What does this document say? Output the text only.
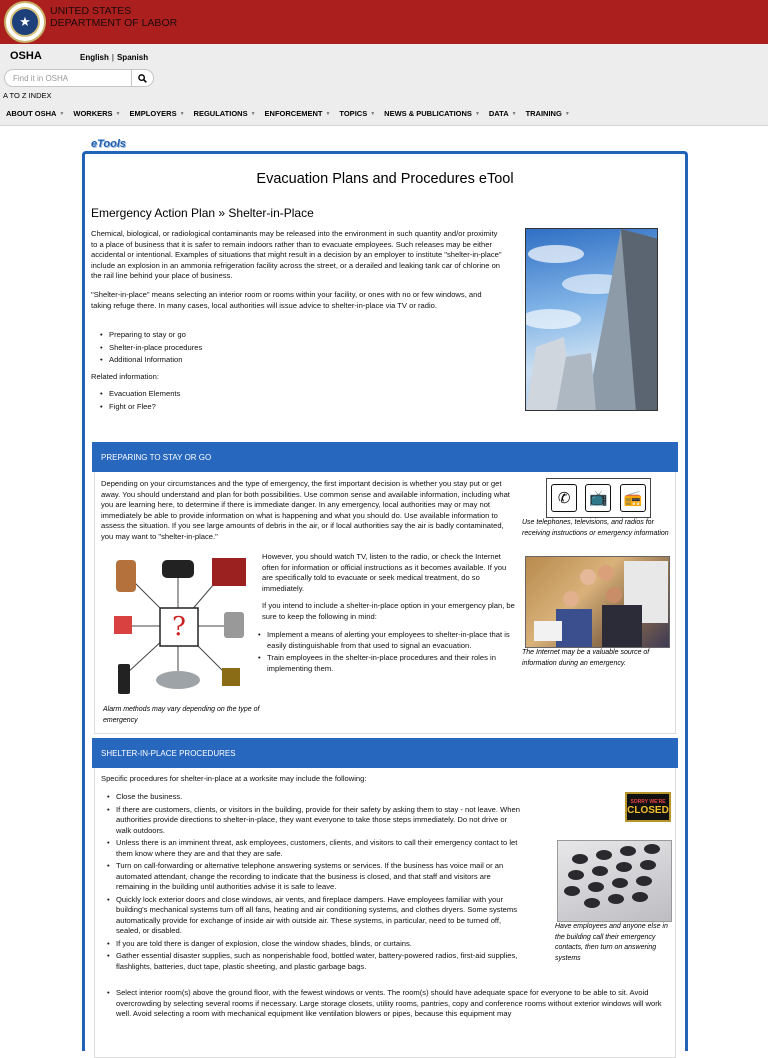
★
UNITED STATES
DEPARTMENT OF LABOR
OSHA	English | Spanish
Find it in OSHA
A TO Z INDEX
ABOUT OSHA ▼ WORKERS ▼ EMPLOYERS ▼ REGULATIONS ▼ ENFORCEMENT ▼ TOPICS ▼ NEWS & PUBLICATIONS ▼ DATA ▼ TRAINING ▼
eTools
Evacuation Plans and Procedures eTool
Emergency Action Plan » Shelter-in-Place
Chemical, biological, or radiological contaminants may be released into the environment in such quantity and/or proximity to a place of business that it is safer to remain indoors rather than to evacuate employees. Such releases may be either accidental or intentional. Examples of situations that might result in a decision by an employer to institute "shelter-in-place" include an explosion in an ammonia refrigeration facility across the street, or a derailed and leaking tank car of chlorine on the rail line behind your place of business.
"Shelter-in-place" means selecting an interior room or rooms within your facility, or ones with no or few windows, and taking refuge there. In many cases, local authorities will issue advice to shelter-in-place via TV or radio.
• Preparing to stay or go
• Shelter-in-place procedures
• Additional Information
Related information:
• Evacuation Elements
• Fight or Flee?
PREPARING TO STAY OR GO
Depending on your circumstances and the type of emergency, the first important decision is whether you stay put or get away. You should understand and plan for both possibilities. Use common sense and available information, including what you are learning here, to determine if there is immediate danger. In any emergency, local authorities may or may not immediately be able to provide information on what is happening and what you should do. Use available information to assess the situation. If you see large amounts of debris in the air, or if local authorities say the air is badly contaminated, you may want to "shelter-in-place."
✆	📺 📻
Use telephones, televisions, and radios for receiving instructions or emergency information
?
Alarm methods may vary depending on the type of emergency
However, you should watch TV, listen to the radio, or check the Internet often for information or official instructions as it becomes available. If you are specifically told to evacuate or seek medical treatment, do so immediately.
If you intend to include a shelter-in-place option in your emergency plan, be sure to keep the following in mind:
• Implement a means of alerting your employees to shelter-in-place that is easily distinguishable from that used to signal an evacuation.
• Train employees in the shelter-in-place procedures and their roles in implementing them.
The Internet may be a valuable source of information during an emergency.
SHELTER-IN-PLACE PROCEDURES
Specific procedures for shelter-in-place at a worksite may include the following:
• Close the business.
• If there are customers, clients, or visitors in the building, provide for their safety by asking them to stay - not leave. When authorities provide directions to shelter-in-place, they want everyone to take those steps immediately. Do not drive or walk outdoors.
• Unless there is an imminent threat, ask employees, customers, clients, and visitors to call their emergency contact to let them know where they are and that they are safe.
• Turn on call-forwarding or alternative telephone answering systems or services. If the business has voice mail or an automated attendant, change the recording to indicate that the business is closed, and that staff and visitors are remaining in the building until authorities advise it is safe to leave.
• Quickly lock exterior doors and close windows, air vents, and fireplace dampers. Have employees familiar with your building's mechanical systems turn off all fans, heating and air conditioning systems, and clothes dryers. Some systems automatically provide for exchange of inside air with outside air. These systems, in particular, need to be turned off, sealed, or disabled.
• If you are told there is danger of explosion, close the window shades, blinds, or curtains.
• Gather essential disaster supplies, such as nonperishable food, bottled water, battery-powered radios, first-aid supplies, flashlights, batteries, duct tape, plastic sheeting, and plastic garbage bags.
• Select interior room(s) above the ground floor, with the fewest windows or vents. The room(s) should have adequate space for everyone to be able to sit. Avoid overcrowding by selecting several rooms if necessary. Large storage closets, utility rooms, pantries, copy and conference rooms without exterior windows will work well. Avoid selecting a room with mechanical equipment like ventilation blowers or pipes, because this equipment may
SORRY WE'RE
CLOSED
Have employees and anyone else in the building call their emergency contacts, then turn on answering systems
